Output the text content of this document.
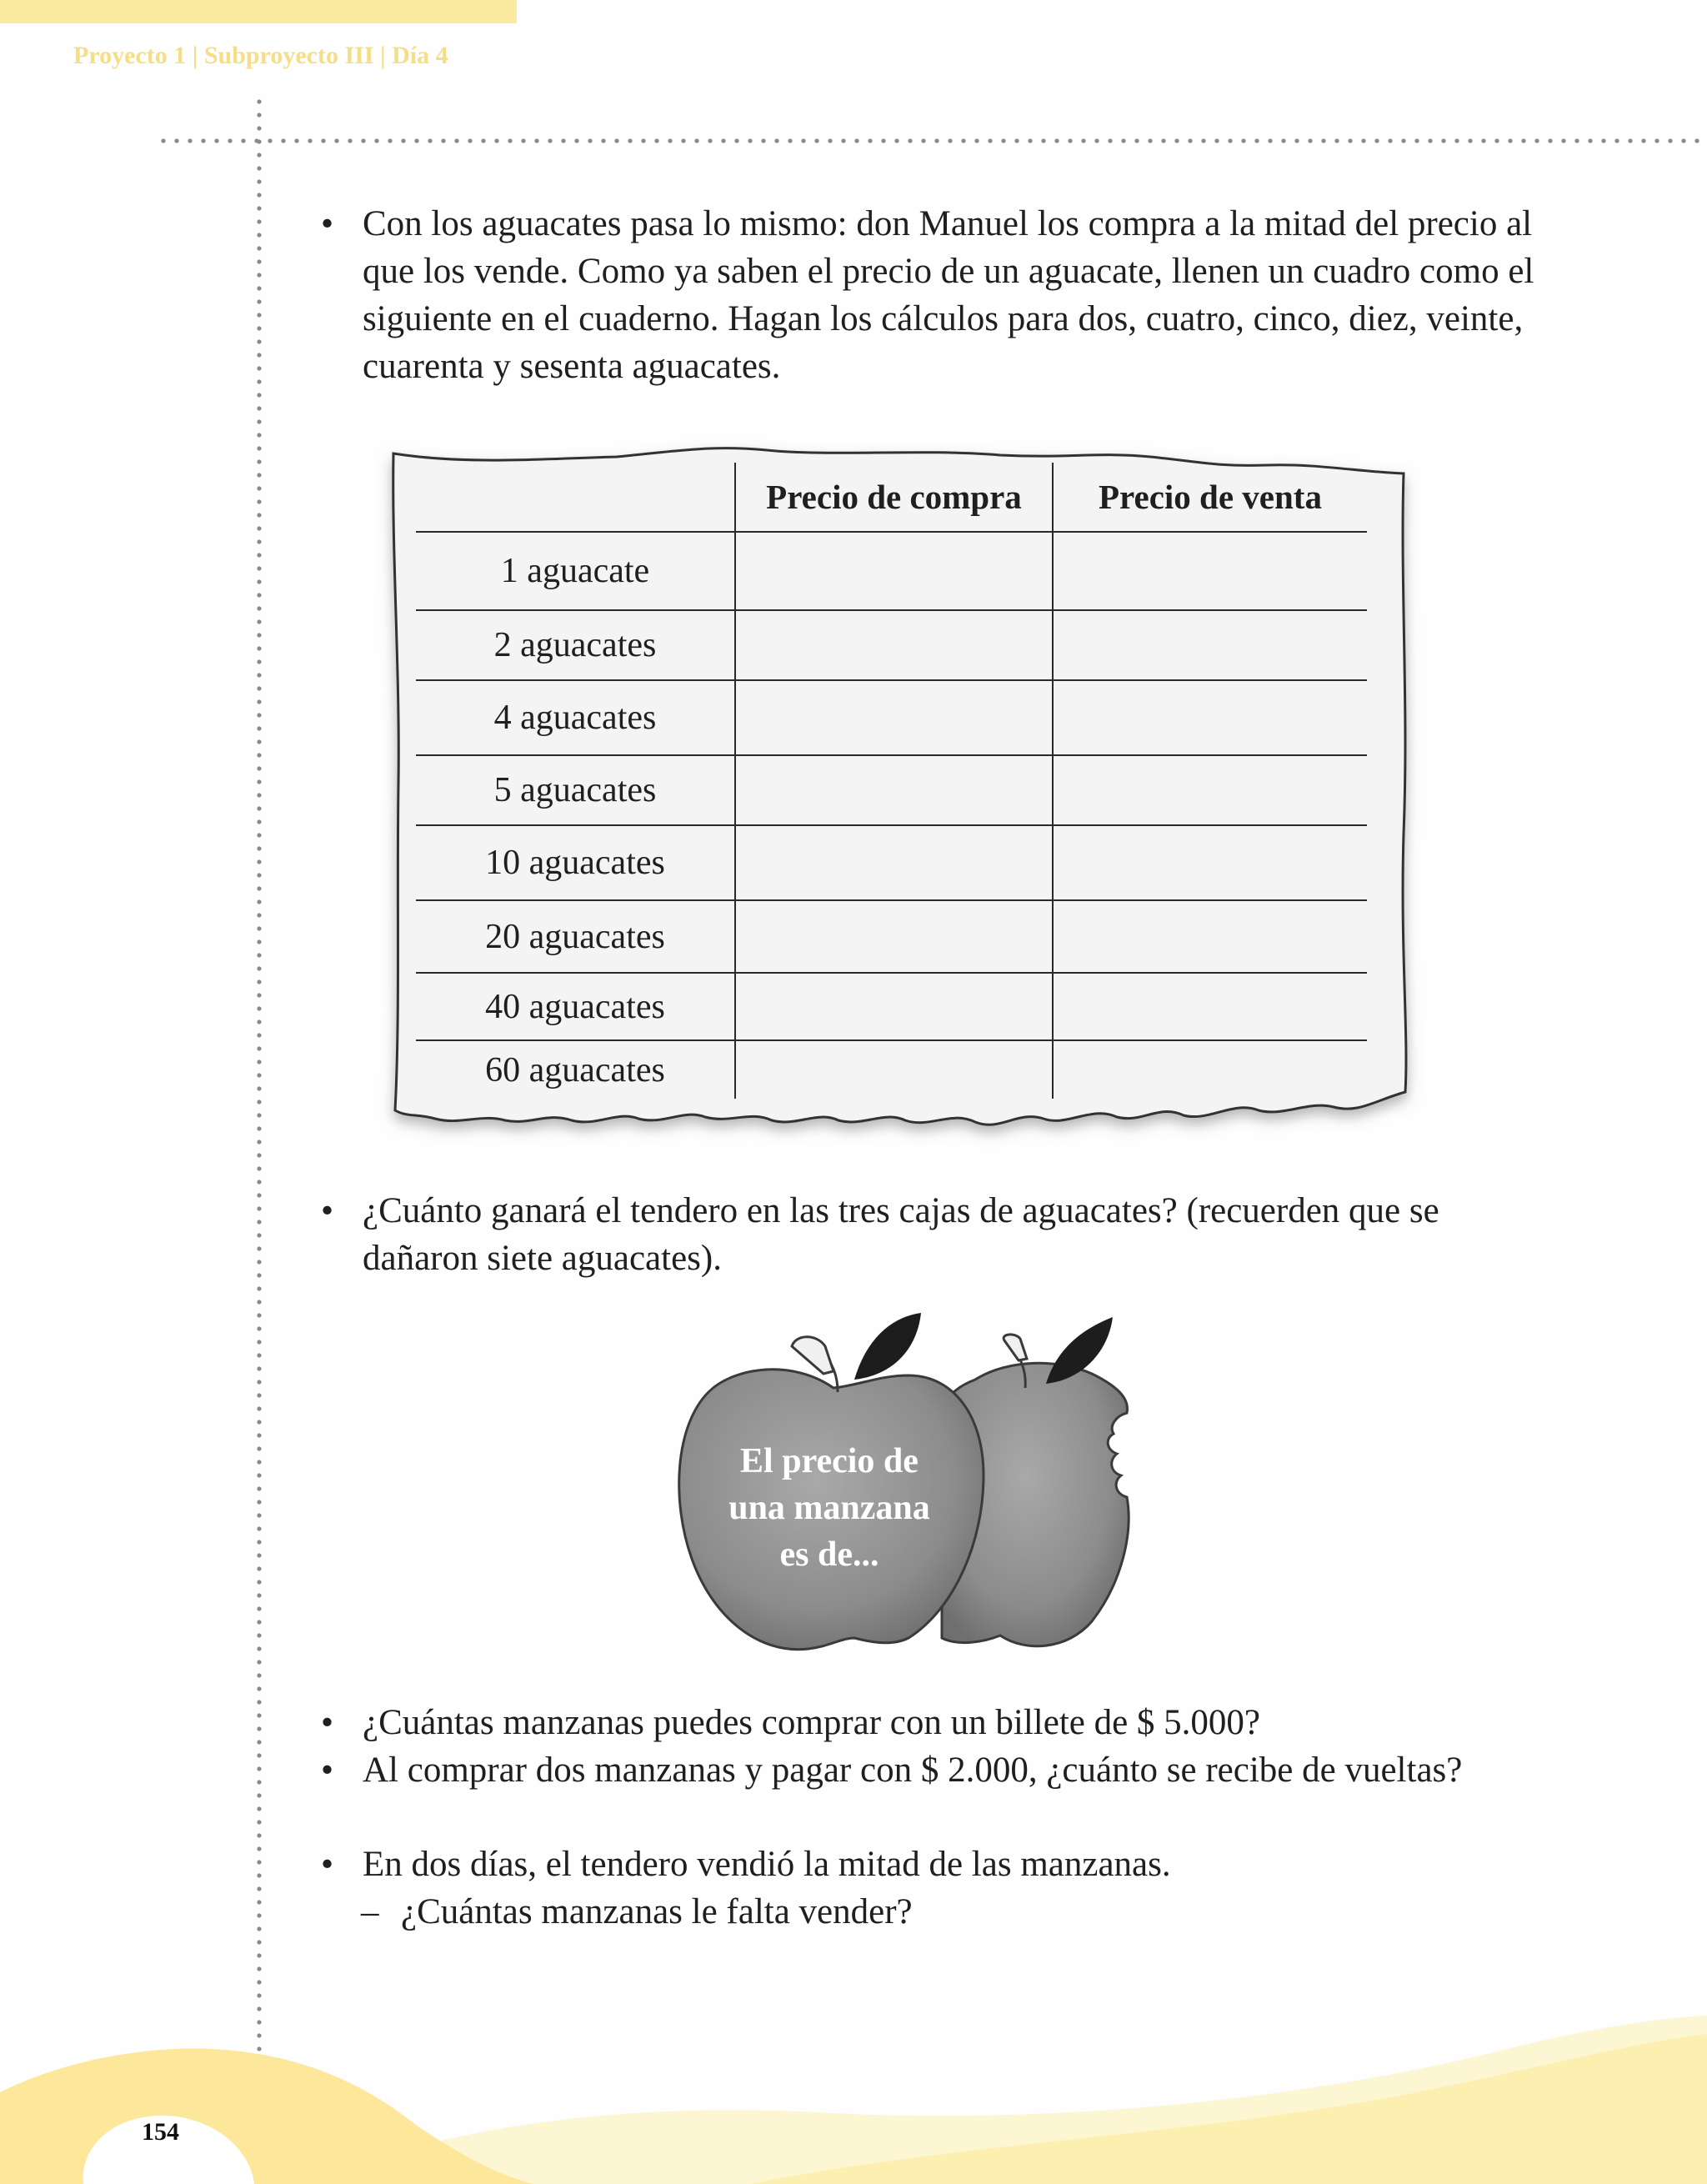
Proyecto 1 | Subproyecto III | Día 4
• Con los aguacates pasa lo mismo: don Manuel los compra a la mitad del precio al que los vende. Como ya saben el precio de un aguacate, llenen un cuadro como el siguiente en el cuaderno. Hagan los cálculos para dos, cuatro, cinco, diez, veinte, cuarenta y sesenta aguacates.
	Precio de compra	Precio de venta
1 aguacate		
2 aguacates		
4 aguacates		
5 aguacates		
10 aguacates		
20 aguacates		
40 aguacates		
60 aguacates		
• ¿Cuánto ganará el tendero en las tres cajas de aguacates? (recuerden que se dañaron siete aguacates).
El precio de
una manzana
es de...
• ¿Cuántas manzanas puedes comprar con un billete de $ 5.000?
• Al comprar dos manzanas y pagar con $ 2.000, ¿cuánto se recibe de vueltas?
• En dos días, el tendero vendió la mitad de las manzanas.
– ¿Cuántas manzanas le falta vender?
154
